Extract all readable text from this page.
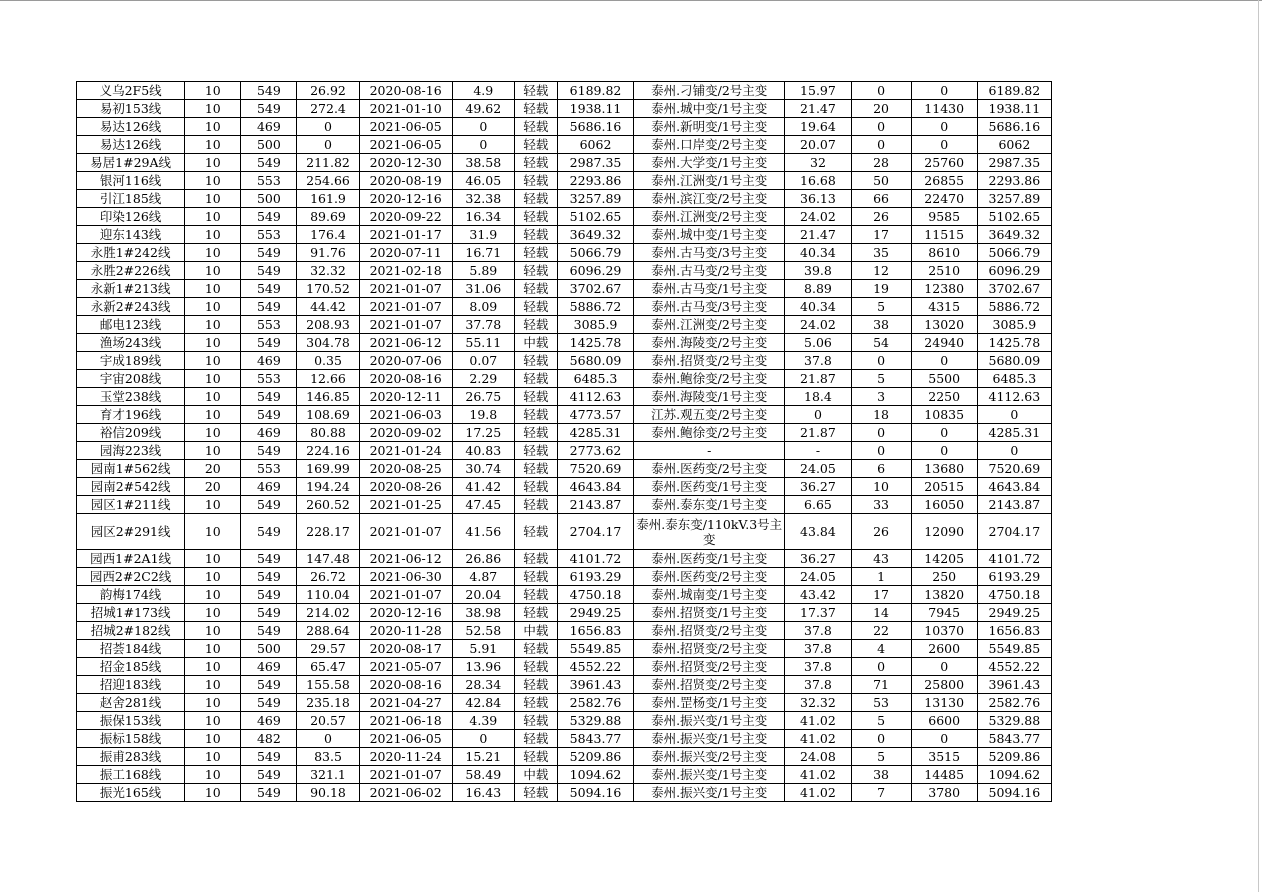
义乌2F5线	10	549	26.92	2020-08-16	4.9	轻载	6189.82	泰州.刁铺变/2号主变	15.97	0	0	6189.82
易初153线	10	549	272.4	2021-01-10	49.62	轻载	1938.11	泰州.城中变/1号主变	21.47	20	11430	1938.11
易达126线	10	469	0	2021-06-05	0	轻载	5686.16	泰州.新明变/1号主变	19.64	0	0	5686.16
易达126线	10	500	0	2021-06-05	0	轻载	6062	泰州.口岸变/2号主变	20.07	0	0	6062
易居1#29A线	10	549	211.82	2020-12-30	38.58	轻载	2987.35	泰州.大学变/1号主变	32	28	25760	2987.35
银河116线	10	553	254.66	2020-08-19	46.05	轻载	2293.86	泰州.江洲变/1号主变	16.68	50	26855	2293.86
引江185线	10	500	161.9	2020-12-16	32.38	轻载	3257.89	泰州.滨江变/2号主变	36.13	66	22470	3257.89
印染126线	10	549	89.69	2020-09-22	16.34	轻载	5102.65	泰州.江洲变/2号主变	24.02	26	9585	5102.65
迎东143线	10	553	176.4	2021-01-17	31.9	轻载	3649.32	泰州.城中变/1号主变	21.47	17	11515	3649.32
永胜1#242线	10	549	91.76	2020-07-11	16.71	轻载	5066.79	泰州.古马变/3号主变	40.34	35	8610	5066.79
永胜2#226线	10	549	32.32	2021-02-18	5.89	轻载	6096.29	泰州.古马变/2号主变	39.8	12	2510	6096.29
永新1#213线	10	549	170.52	2021-01-07	31.06	轻载	3702.67	泰州.古马变/1号主变	8.89	19	12380	3702.67
永新2#243线	10	549	44.42	2021-01-07	8.09	轻载	5886.72	泰州.古马变/3号主变	40.34	5	4315	5886.72
邮电123线	10	553	208.93	2021-01-07	37.78	轻载	3085.9	泰州.江洲变/2号主变	24.02	38	13020	3085.9
渔场243线	10	549	304.78	2021-06-12	55.11	中载	1425.78	泰州.海陵变/2号主变	5.06	54	24940	1425.78
宇成189线	10	469	0.35	2020-07-06	0.07	轻载	5680.09	泰州.招贤变/2号主变	37.8	0	0	5680.09
宇宙208线	10	553	12.66	2020-08-16	2.29	轻载	6485.3	泰州.鲍徐变/2号主变	21.87	5	5500	6485.3
玉堂238线	10	549	146.85	2020-12-11	26.75	轻载	4112.63	泰州.海陵变/1号主变	18.4	3	2250	4112.63
育才196线	10	549	108.69	2021-06-03	19.8	轻载	4773.57	江苏.观五变/2号主变	0	18	10835	0
裕信209线	10	469	80.88	2020-09-02	17.25	轻载	4285.31	泰州.鲍徐变/2号主变	21.87	0	0	4285.31
园海223线	10	549	224.16	2021-01-24	40.83	轻载	2773.62	-	-	0	0	0
园南1#562线	20	553	169.99	2020-08-25	30.74	轻载	7520.69	泰州.医药变/2号主变	24.05	6	13680	7520.69
园南2#542线	20	469	194.24	2020-08-26	41.42	轻载	4643.84	泰州.医药变/1号主变	36.27	10	20515	4643.84
园区1#211线	10	549	260.52	2021-01-25	47.45	轻载	2143.87	泰州.泰东变/1号主变	6.65	33	16050	2143.87
园区2#291线	10	549	228.17	2021-01-07	41.56	轻载	2704.17	泰州.泰东变/110kV.3号主变	43.84	26	12090	2704.17
园西1#2A1线	10	549	147.48	2021-06-12	26.86	轻载	4101.72	泰州.医药变/1号主变	36.27	43	14205	4101.72
园西2#2C2线	10	549	26.72	2021-06-30	4.87	轻载	6193.29	泰州.医药变/2号主变	24.05	1	250	6193.29
韵梅174线	10	549	110.04	2021-01-07	20.04	轻载	4750.18	泰州.城南变/1号主变	43.42	17	13820	4750.18
招城1#173线	10	549	214.02	2020-12-16	38.98	轻载	2949.25	泰州.招贤变/1号主变	17.37	14	7945	2949.25
招城2#182线	10	549	288.64	2020-11-28	52.58	中载	1656.83	泰州.招贤变/2号主变	37.8	22	10370	1656.83
招荟184线	10	500	29.57	2020-08-17	5.91	轻载	5549.85	泰州.招贤变/2号主变	37.8	4	2600	5549.85
招金185线	10	469	65.47	2021-05-07	13.96	轻载	4552.22	泰州.招贤变/2号主变	37.8	0	0	4552.22
招迎183线	10	549	155.58	2020-08-16	28.34	轻载	3961.43	泰州.招贤变/2号主变	37.8	71	25800	3961.43
赵舍281线	10	549	235.18	2021-04-27	42.84	轻载	2582.76	泰州.罡杨变/1号主变	32.32	53	13130	2582.76
振保153线	10	469	20.57	2021-06-18	4.39	轻载	5329.88	泰州.振兴变/1号主变	41.02	5	6600	5329.88
振标158线	10	482	0	2021-06-05	0	轻载	5843.77	泰州.振兴变/1号主变	41.02	0	0	5843.77
振甫283线	10	549	83.5	2020-11-24	15.21	轻载	5209.86	泰州.振兴变/2号主变	24.08	5	3515	5209.86
振工168线	10	549	321.1	2021-01-07	58.49	中载	1094.62	泰州.振兴变/1号主变	41.02	38	14485	1094.62
振光165线	10	549	90.18	2021-06-02	16.43	轻载	5094.16	泰州.振兴变/1号主变	41.02	7	3780	5094.16
